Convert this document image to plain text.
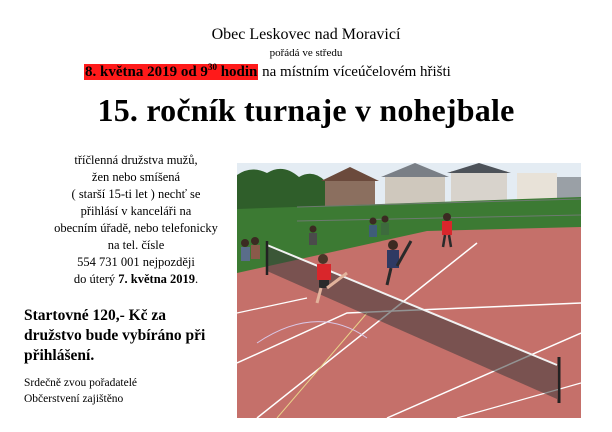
Obec Leskovec nad Moravicí
pořádá ve středu
8. května 2019 od $9^{30}$ hodin na místním víceúčelovém hřišti
15. ročník turnaje v nohejbale
tříčlenná družstva mužů,
žen nebo smíšená
( starší 15-ti let ) nechť se
přihlásí v kanceláři na
obecním úřadě, nebo telefonicky
na tel. čísle
554 731 001 nejpozději
do úterý 7. května 2019.
Startovné 120,- Kč za
družstvo bude vybíráno při
přihlášení.
Srdečně zvou pořadatelé
Občerstvení zajištěno
